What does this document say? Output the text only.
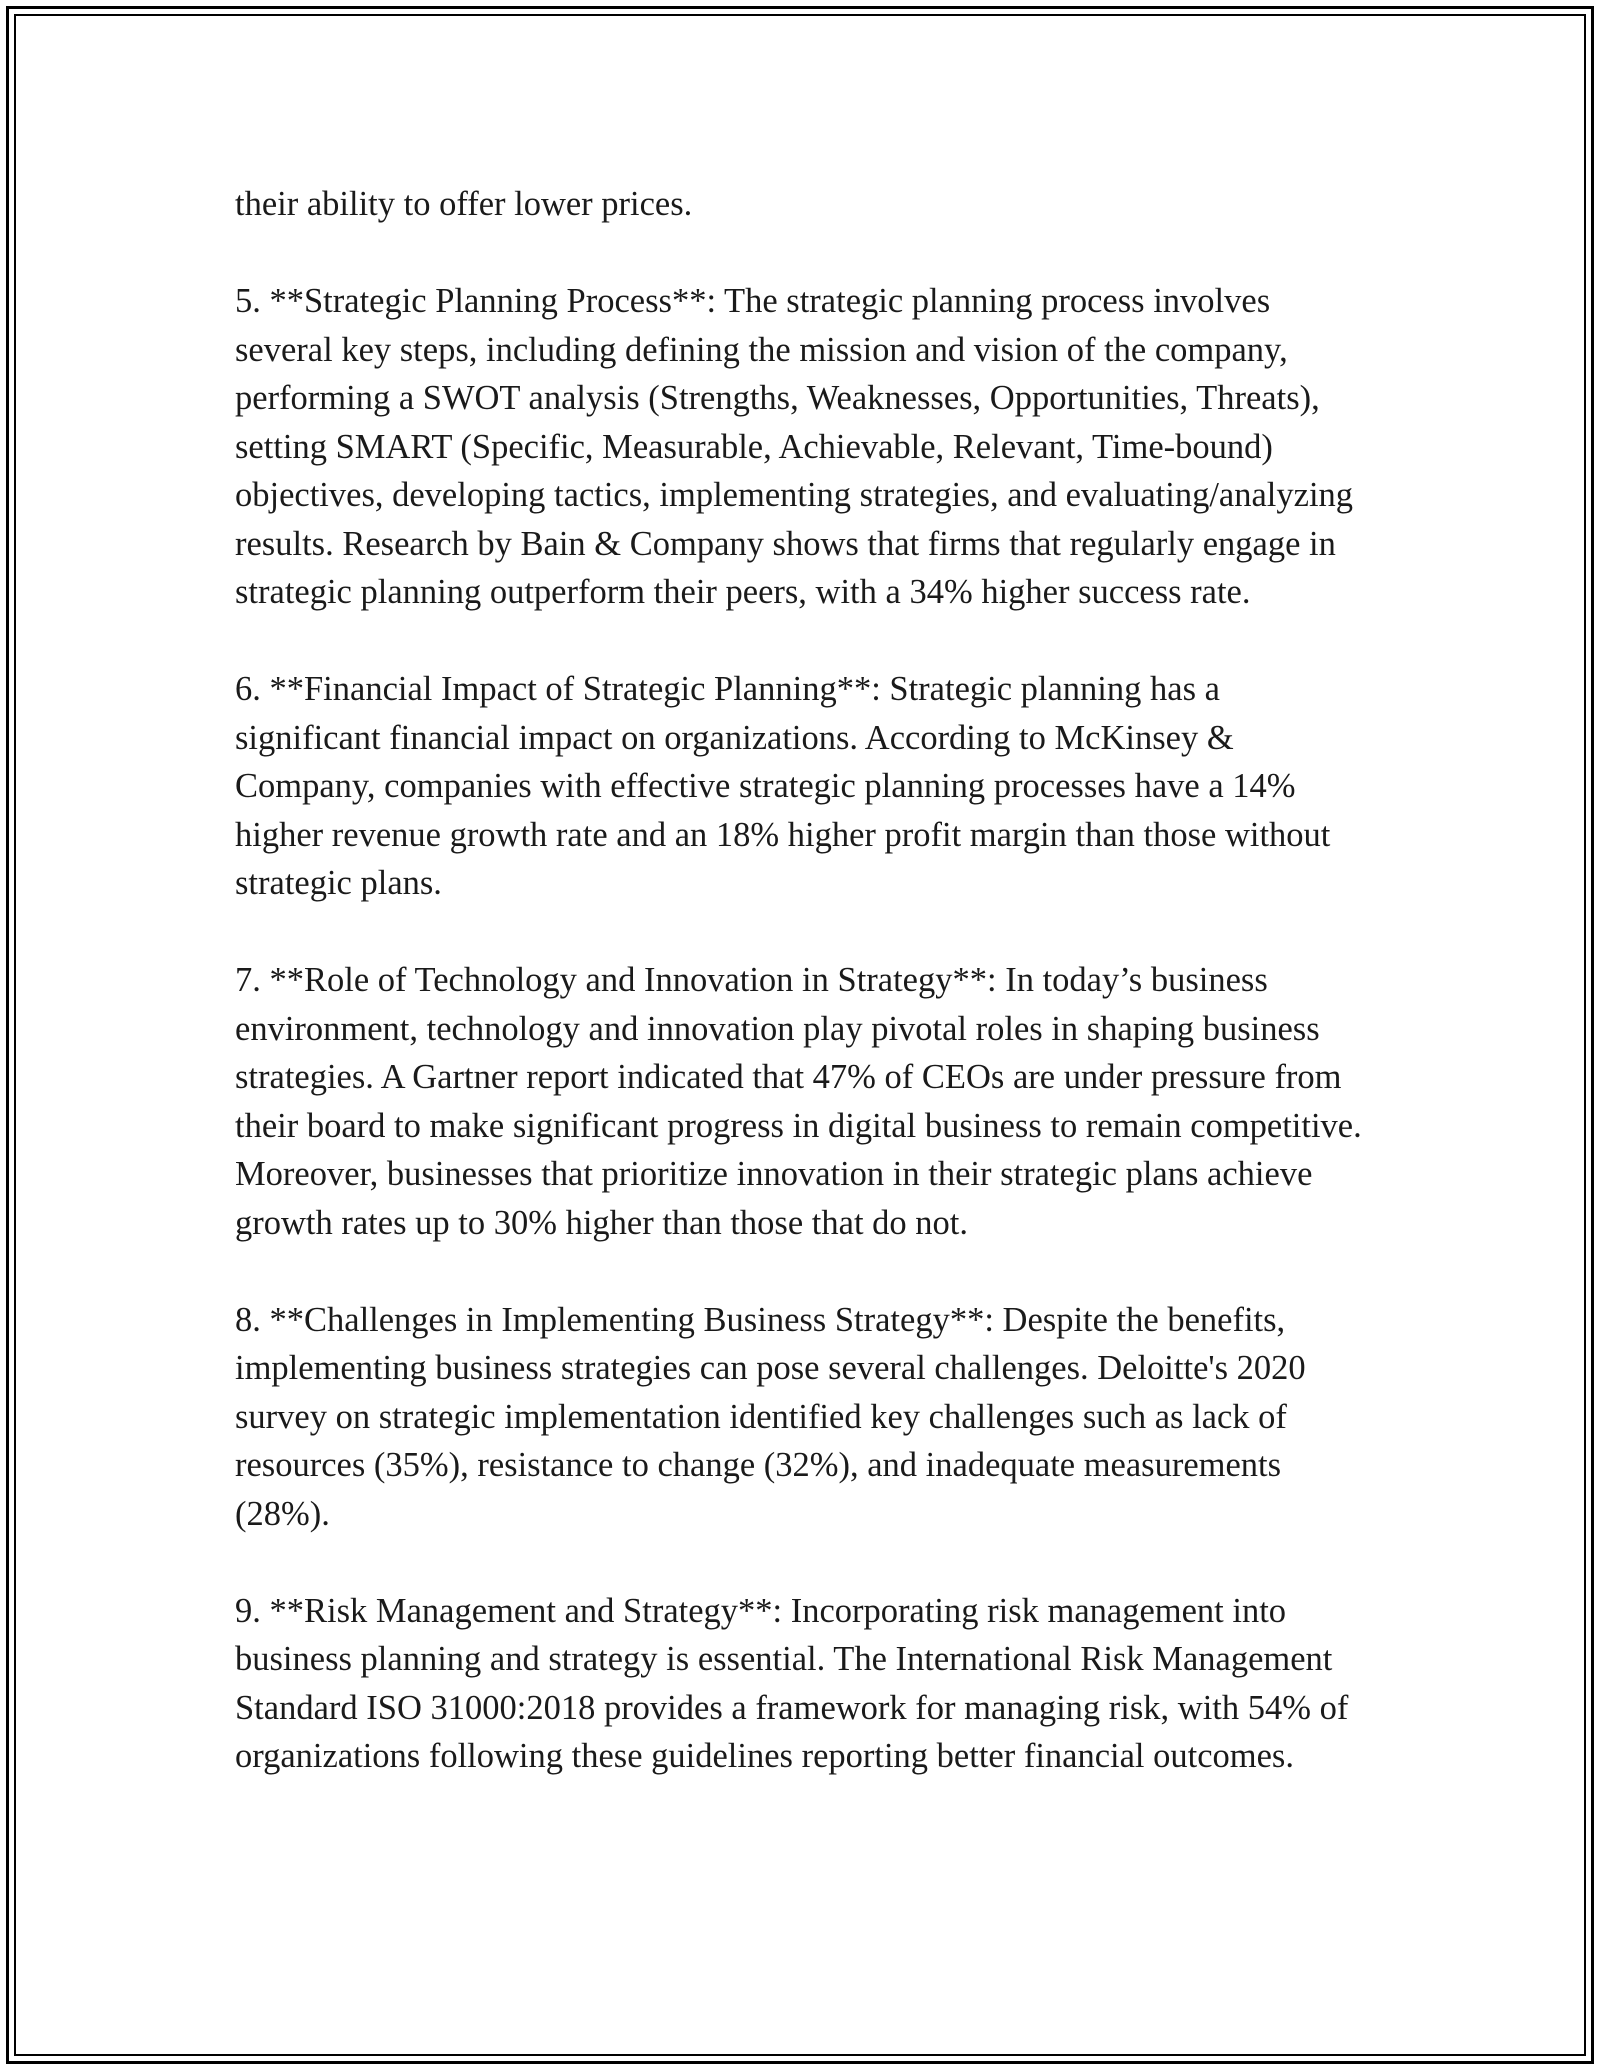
their ability to offer lower prices.

5. **Strategic Planning Process**: The strategic planning process involves several key steps, including defining the mission and vision of the company, performing a SWOT analysis (Strengths, Weaknesses, Opportunities, Threats), setting SMART (Specific, Measurable, Achievable, Relevant, Time-bound) objectives, developing tactics, implementing strategies, and evaluating/analyzing results. Research by Bain & Company shows that firms that regularly engage in strategic planning outperform their peers, with a 34% higher success rate.

6. **Financial Impact of Strategic Planning**: Strategic planning has a significant financial impact on organizations. According to McKinsey & Company, companies with effective strategic planning processes have a 14% higher revenue growth rate and an 18% higher profit margin than those without strategic plans.

7. **Role of Technology and Innovation in Strategy**: In today’s business environment, technology and innovation play pivotal roles in shaping business strategies. A Gartner report indicated that 47% of CEOs are under pressure from their board to make significant progress in digital business to remain competitive. Moreover, businesses that prioritize innovation in their strategic plans achieve growth rates up to 30% higher than those that do not.

8. **Challenges in Implementing Business Strategy**: Despite the benefits, implementing business strategies can pose several challenges. Deloitte's 2020 survey on strategic implementation identified key challenges such as lack of resources (35%), resistance to change (32%), and inadequate measurements (28%).

9. **Risk Management and Strategy**: Incorporating risk management into business planning and strategy is essential. The International Risk Management Standard ISO 31000:2018 provides a framework for managing risk, with 54% of organizations following these guidelines reporting better financial outcomes.
